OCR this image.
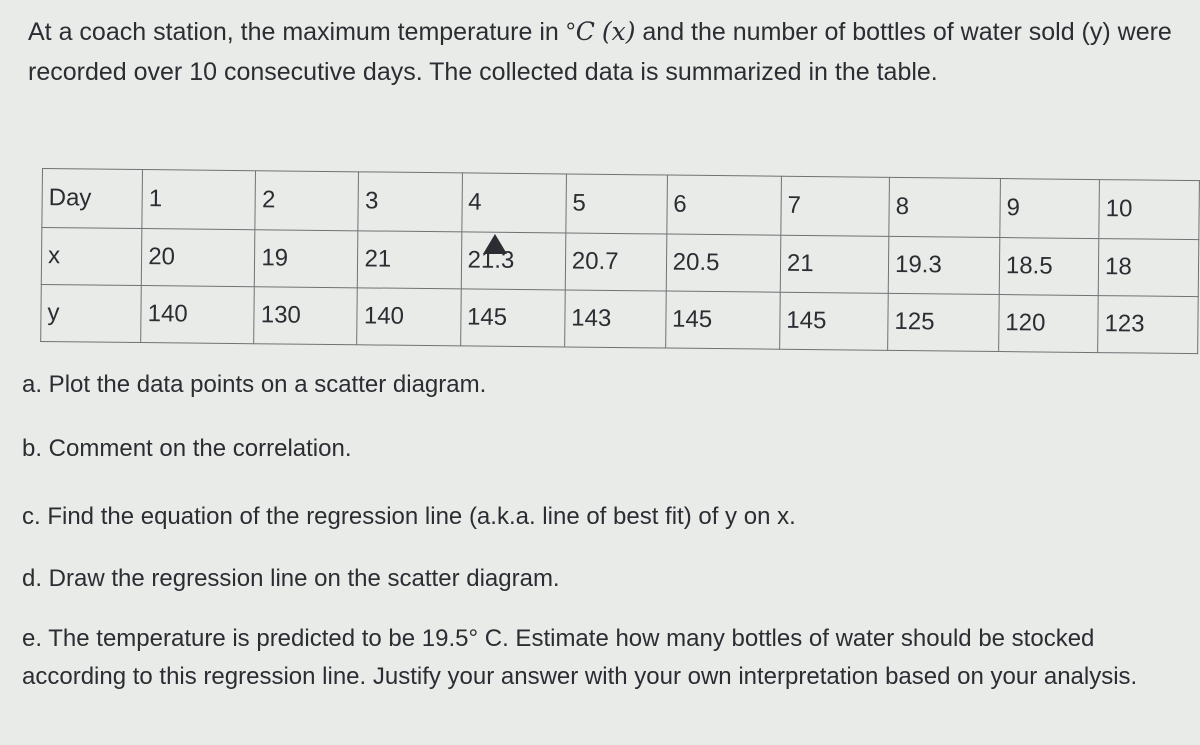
At a coach station, the maximum temperature in °C (x) and the number of bottles of water sold (y) were recorded over 10 consecutive days. The collected data is summarized in the table.
Day	1	2	3	4	5	6	7	8	9	10
x	20	19	21	21.3	20.7	20.5	21	19.3	18.5	18
y	140	130	140	145	143	145	145	125	120	123
a. Plot the data points on a scatter diagram.
b. Comment on the correlation.
c. Find the equation of the regression line (a.k.a. line of best fit) of y on x.
d. Draw the regression line on the scatter diagram.
e. The temperature is predicted to be 19.5° C. Estimate how many bottles of water should be stocked according to this regression line. Justify your answer with your own interpretation based on your analysis.
